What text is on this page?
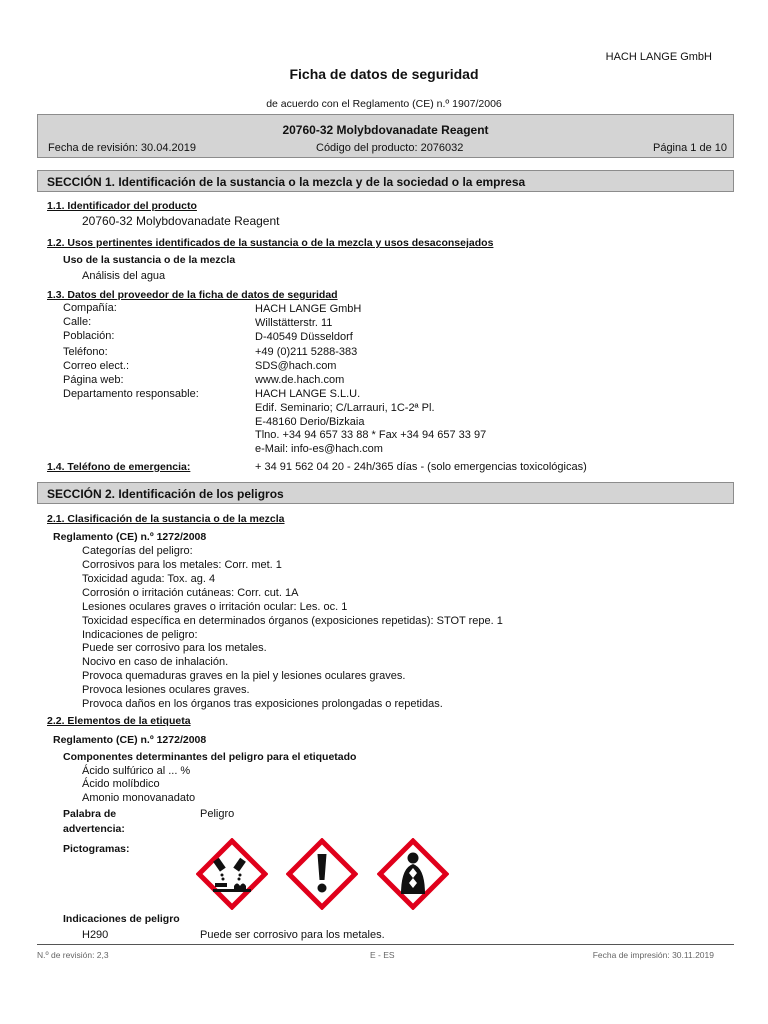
HACH LANGE GmbH
Ficha de datos de seguridad
de acuerdo con el Reglamento (CE) n.º 1907/2006
20760-32 Molybdovanadate Reagent
Fecha de revisión: 30.04.2019	Código del producto: 2076032	Página 1 de 10
SECCIÓN 1. Identificación de la sustancia o la mezcla y de la sociedad o la empresa
1.1. Identificador del producto
20760-32 Molybdovanadate Reagent
1.2. Usos pertinentes identificados de la sustancia o de la mezcla y usos desaconsejados
Uso de la sustancia o de la mezcla
Análisis del agua
1.3. Datos del proveedor de la ficha de datos de seguridad
Compañía:	HACH LANGE GmbH
Calle:	Willstätterstr. 11
Población:	D-40549 Düsseldorf
Teléfono:	+49 (0)211 5288-383
Correo elect.:	SDS@hach.com
Página web:	www.de.hach.com
Departamento responsable:	HACH LANGE S.L.U.
Edif. Seminario; C/Larrauri, 1C-2ª Pl.
E-48160 Derio/Bizkaia
Tlno. +34 94 657 33 88 * Fax +34 94 657 33 97
e-Mail: info-es@hach.com
1.4. Teléfono de emergencia:	+ 34 91 562 04 20 - 24h/365 días - (solo emergencias toxicológicas)
SECCIÓN 2. Identificación de los peligros
2.1. Clasificación de la sustancia o de la mezcla
Reglamento (CE) n.º 1272/2008
Categorías del peligro:
Corrosivos para los metales: Corr. met. 1
Toxicidad aguda: Tox. ag. 4
Corrosión o irritación cutáneas: Corr. cut. 1A
Lesiones oculares graves o irritación ocular: Les. oc. 1
Toxicidad específica en determinados órganos (exposiciones repetidas): STOT repe. 1
Indicaciones de peligro:
Puede ser corrosivo para los metales.
Nocivo en caso de inhalación.
Provoca quemaduras graves en la piel y lesiones oculares graves.
Provoca lesiones oculares graves.
Provoca daños en los órganos tras exposiciones prolongadas o repetidas.
2.2. Elementos de la etiqueta
Reglamento (CE) n.º 1272/2008
Componentes determinantes del peligro para el etiquetado
Ácido sulfúrico al ... %
Ácido molíbdico
Amonio monovanadato
Palabra de
advertencia:
Peligro
Pictogramas:
Indicaciones de peligro
H290	Puede ser corrosivo para los metales.
N.º de revisión: 2,3	E - ES	Fecha de impresión: 30.11.2019
